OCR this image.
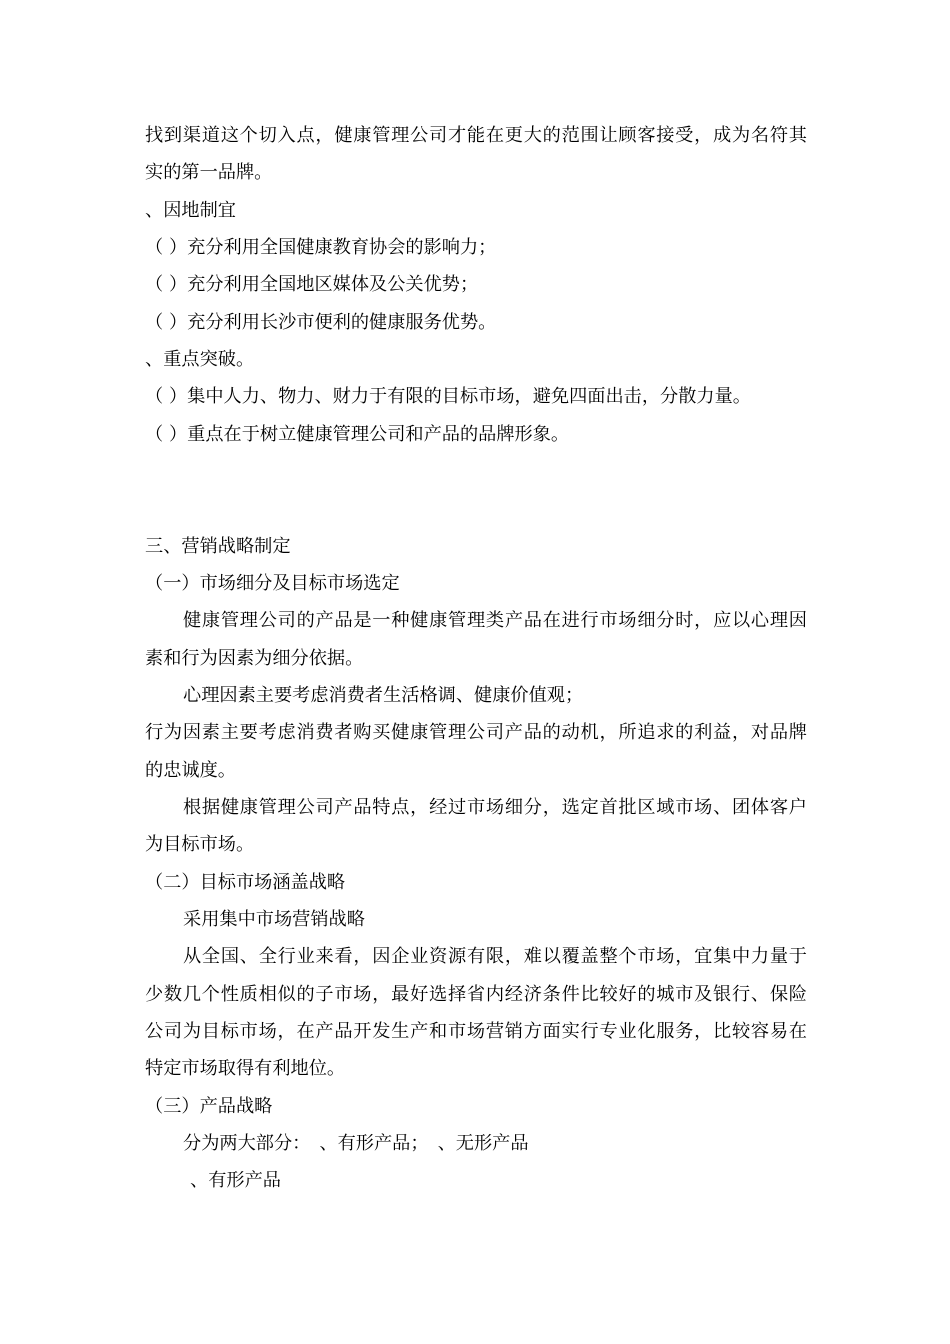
找到渠道这个切入点，健康管理公司才能在更大的范围让顾客接受，成为名符其
实的第一品牌。
、因地制宜
（ ）充分利用全国健康教育协会的影响力；
（ ）充分利用全国地区媒体及公关优势；
（ ）充分利用长沙市便利的健康服务优势。
、重点突破。
（ ）集中人力、物力、财力于有限的目标市场，避免四面出击，分散力量。
（ ）重点在于树立健康管理公司和产品的品牌形象。
三、营销战略制定
（一）市场细分及目标市场选定
健康管理公司的产品是一种健康管理类产品在进行市场细分时，应以心理因
素和行为因素为细分依据。
心理因素主要考虑消费者生活格调、健康价值观；
行为因素主要考虑消费者购买健康管理公司产品的动机，所追求的利益，对品牌
的忠诚度。
根据健康管理公司产品特点，经过市场细分，选定首批区域市场、团体客户
为目标市场。
（二）目标市场涵盖战略
采用集中市场营销战略
从全国、全行业来看，因企业资源有限，难以覆盖整个市场，宜集中力量于
少数几个性质相似的子市场，最好选择省内经济条件比较好的城市及银行、保险
公司为目标市场，在产品开发生产和市场营销方面实行专业化服务，比较容易在
特定市场取得有利地位。
（三）产品战略
分为两大部分：　、有形产品；　、无形产品
、有形产品
